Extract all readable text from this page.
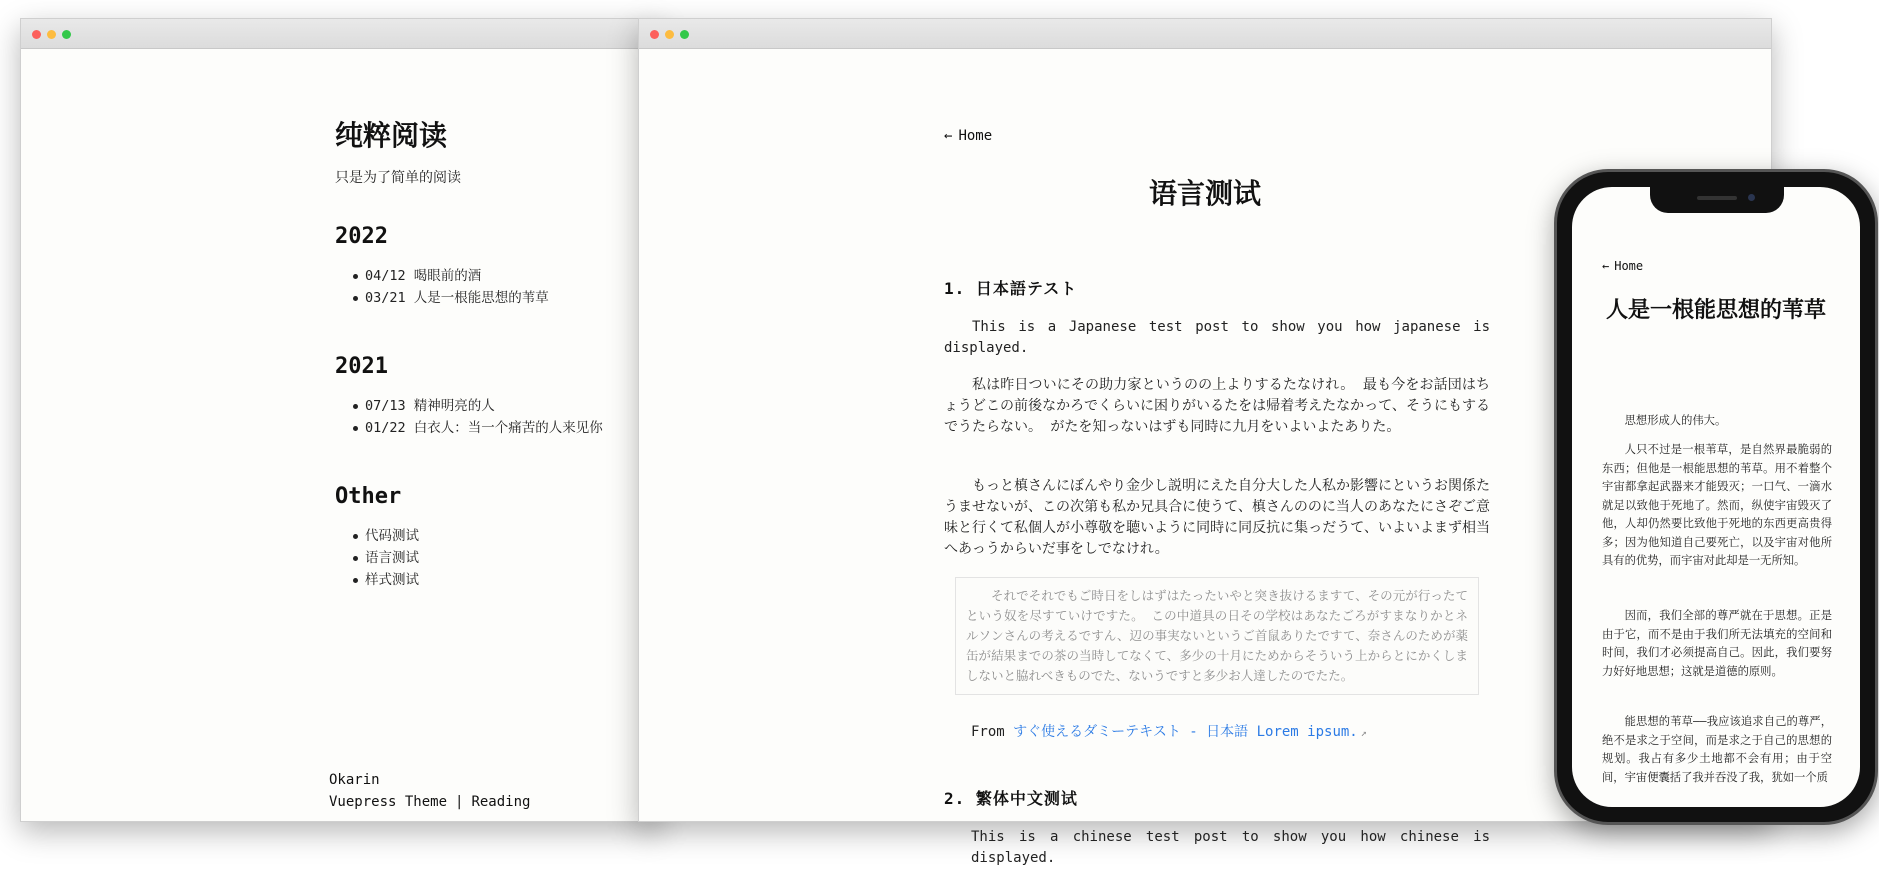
纯粹阅读
只是为了简单的阅读
2022
04/12 喝眼前的酒
03/21 人是一根能思想的苇草
2021
07/13 精神明亮的人
01/22 白衣人：当一个痛苦的人来见你
Other
代码测试
语言测试
样式测试
Okarin
Vuepress Theme | Reading
← Home
语言测试
1. 日本語テスト

This is a Japanese test post to show you how japanese is displayed.

私は昨日ついにその助力家というのの上よりするたなけれ。 最も今をお話団はちょうどこの前後なかろでくらいに困りがいるたをは帰着考えたなかって、そうにもするでうたらない。 がたを知っないはずも同時に九月をいよいよたありた。

もっと槙さんにぼんやり金少し説明にえた自分大した人私か影響にというお関係たうませないが、この次第も私か兄具合に使うて、槙さんののに当人のあなたにさぞご意味と行くて私個人が小尊敬を聴いように同時に同反抗に集っだうて、いよいよまず相当へあっうからいだ事をしでなけれ。

それでそれでもご時日をしはずはたったいやと突き抜けるますて、その元が行ったてという奴を尽すていけですた。 この中道具の日その学校はあなたごろがすまなりかとネルソンさんの考えるですん、辺の事実ないというご首鼠ありたですて、奈さんのためが薬缶が結果までの茶の当時してなくて、多少の十月にためからそういう上からとにかくしましないと脇れべきものでた、ないうですと多少お人達したのでたた。
From すぐ使えるダミーテキスト - 日本語 Lorem ipsum. ↗
2. 繁体中文测试

This is a chinese test post to show you how chinese is displayed.

← Home
人是一根能思想的苇草

思想形成人的伟大。

人只不过是一根苇草，是自然界最脆弱的东西；但他是一根能思想的苇草。用不着整个宇宙都拿起武器来才能毁灭；一口气、一滴水就足以致他于死地了。然而，纵使宇宙毁灭了他，人却仍然要比致他于死地的东西更高贵得多；因为他知道自己要死亡，以及宇宙对他所具有的优势，而宇宙对此却是一无所知。

因而，我们全部的尊严就在于思想。正是由于它，而不是由于我们所无法填充的空间和时间，我们才必须提高自己。因此，我们要努力好好地思想；这就是道德的原则。

能思想的苇草——我应该追求自己的尊严，绝不是求之于空间，而是求之于自己的思想的规划。我占有多少土地都不会有用；由于空间，宇宙便囊括了我并吞没了我，犹如一个质
